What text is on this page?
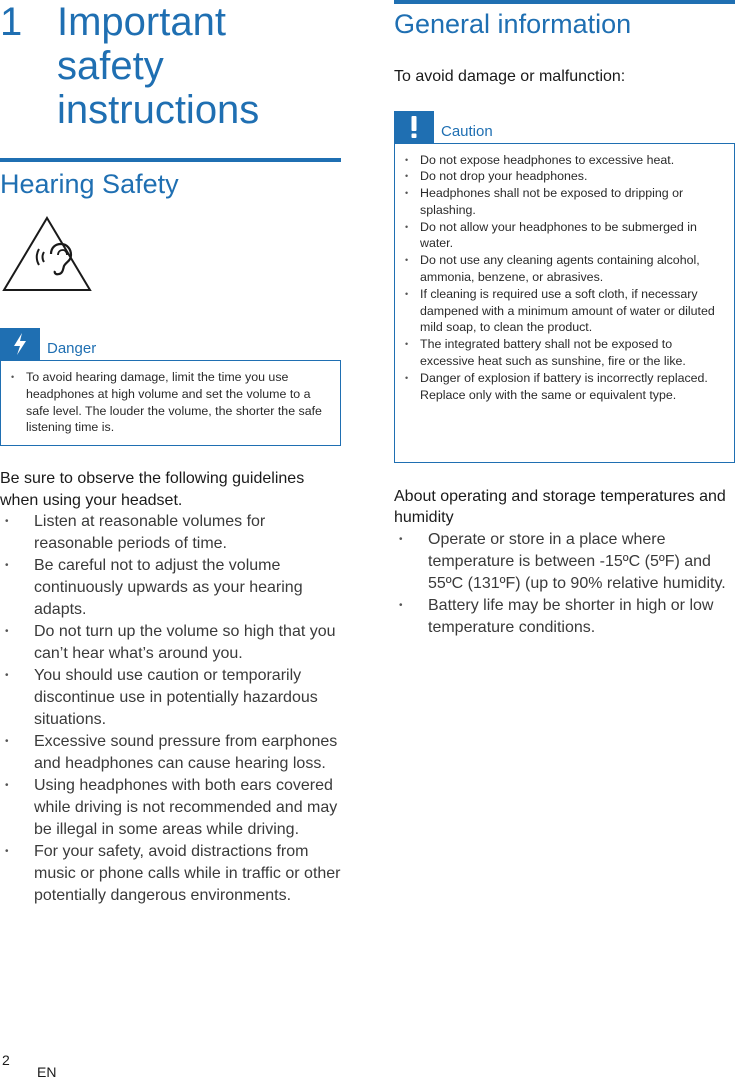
1 Important safety instructions
Hearing Safety
Danger
• To avoid hearing damage, limit the time you use headphones at high volume and set the volume to a safe level. The louder the volume, the shorter the safe listening time is.

Be sure to observe the following guidelines when using your headset.

• Listen at reasonable volumes for reasonable periods of time.
• Be careful not to adjust the volume continuously upwards as your hearing adapts.
• Do not turn up the volume so high that you can’t hear what’s around you.
• You should use caution or temporarily discontinue use in potentially hazardous situations.
• Excessive sound pressure from earphones and headphones can cause hearing loss.
• Using headphones with both ears covered while driving is not recommended and may be illegal in some areas while driving.
• For your safety, avoid distractions from music or phone calls while in traffic or other potentially dangerous environments.
General information

To avoid damage or malfunction:

Caution
• Do not expose headphones to excessive heat.
• Do not drop your headphones.
• Headphones shall not be exposed to dripping or splashing.
• Do not allow your headphones to be submerged in water.
• Do not use any cleaning agents containing alcohol, ammonia, benzene, or abrasives.
• If cleaning is required use a soft cloth, if necessary dampened with a minimum amount of water or diluted mild soap, to clean the product.
• The integrated battery shall not be exposed to excessive heat such as sunshine, fire or the like.
• Danger of explosion if battery is incorrectly replaced. Replace only with the same or equivalent type.

About operating and storage temperatures and humidity

• Operate or store in a place where temperature is between -15ºC (5ºF) and 55ºC (131ºF) (up to 90% relative humidity.
• Battery life may be shorter in high or low temperature conditions.
2
EN
